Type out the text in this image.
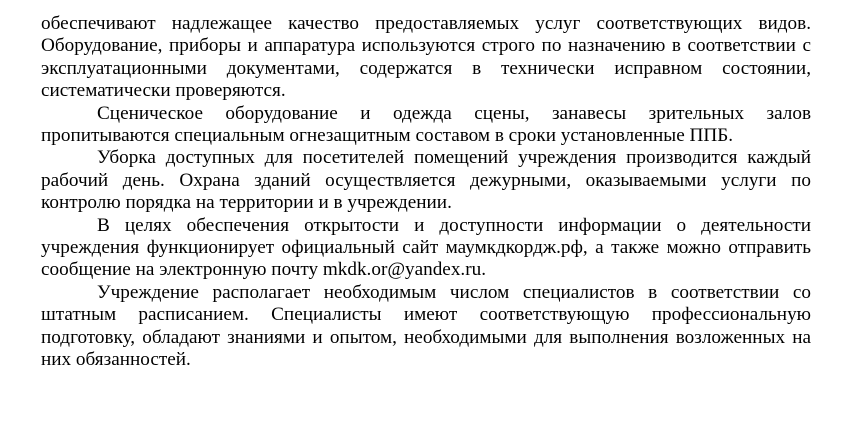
обеспечивают надлежащее качество предоставляемых услуг соответствующих видов. Оборудование, приборы и аппаратура используются строго по назначению в соответствии с эксплуатационными документами, содержатся в технически исправном состоянии, систематически проверяются.

Сценическое оборудование и одежда сцены, занавесы зрительных залов пропитываются специальным огнезащитным составом в сроки установленные ППБ.

Уборка доступных для посетителей помещений учреждения производится каждый рабочий день. Охрана зданий осуществляется дежурными, оказываемыми услуги по контролю порядка на территории и в учреждении.

В целях обеспечения открытости и доступности информации о деятельности учреждения функционирует официальный сайт маумкдкордж.рф, а также можно отправить сообщение на электронную почту mkdk.or@yandex.ru.

Учреждение располагает необходимым числом специалистов в соответствии со штатным расписанием. Специалисты имеют соответствующую профессиональную подготовку, обладают знаниями и опытом, необходимыми для выполнения возложенных на них обязанностей.
